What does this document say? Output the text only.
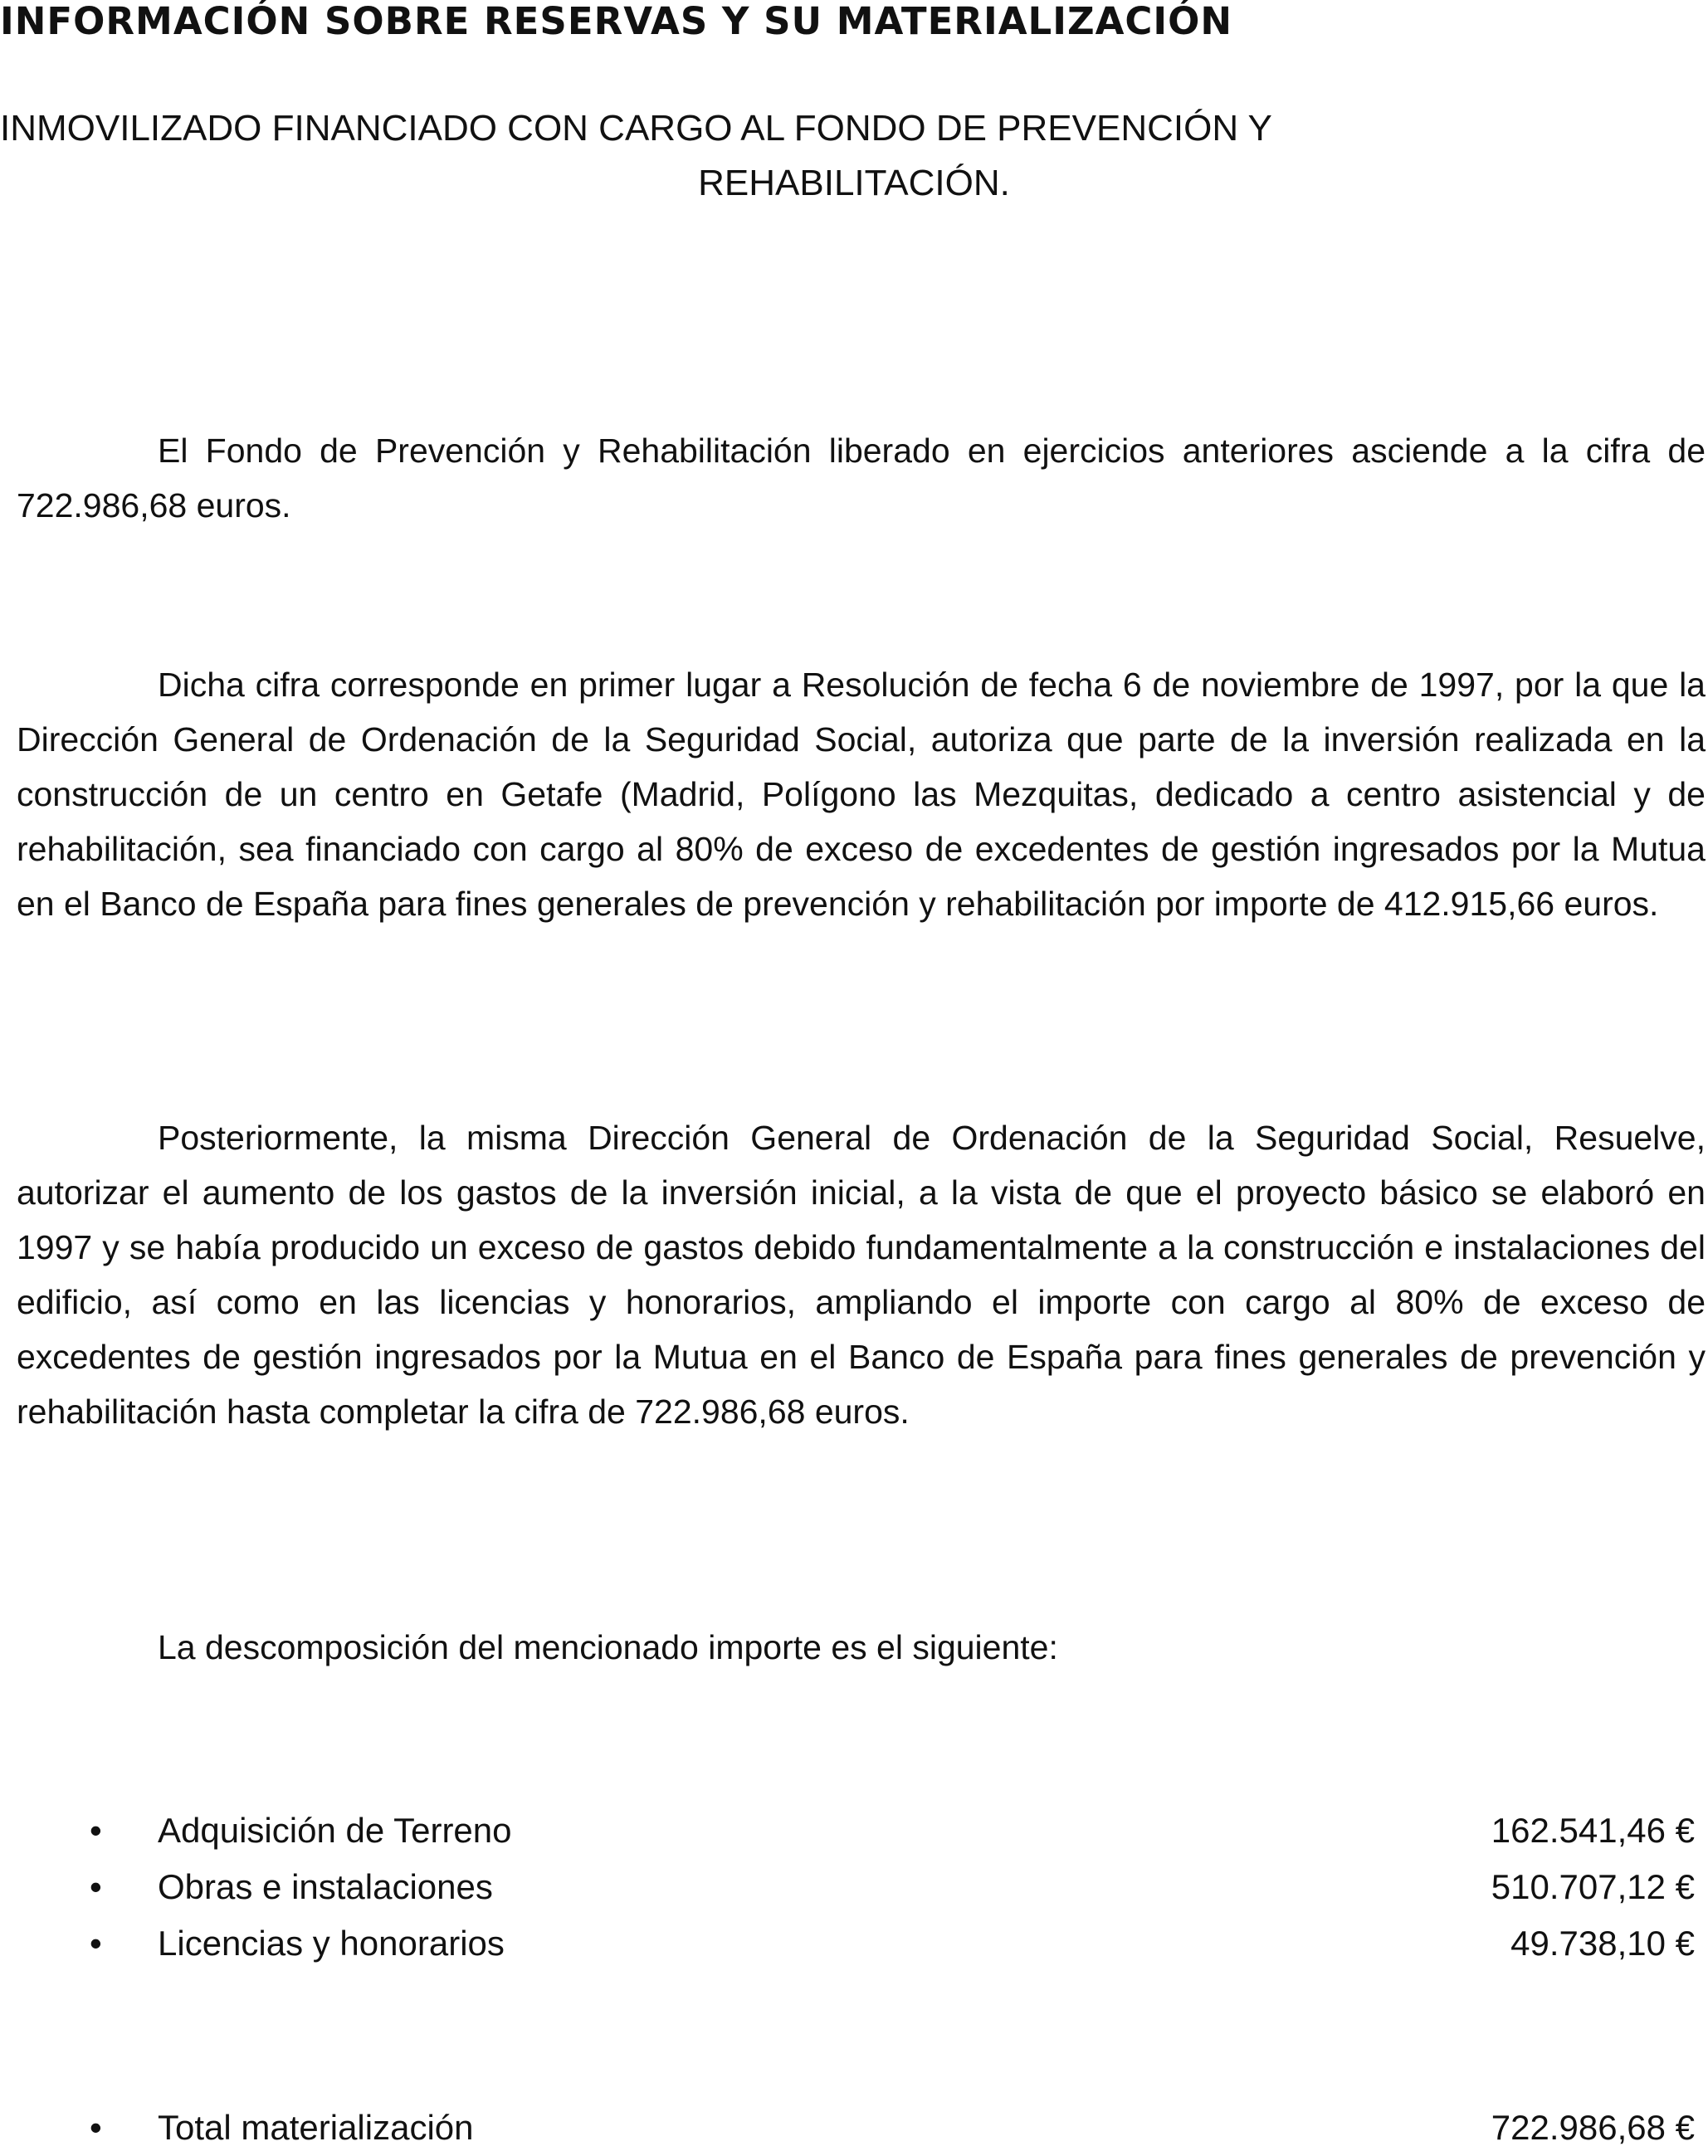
INFORMACIÓN SOBRE RESERVAS Y SU MATERIALIZACIÓN
INMOVILIZADO FINANCIADO CON CARGO AL FONDO DE PREVENCIÓN Y
REHABILITACIÓN.
El Fondo de Prevención y Rehabilitación liberado en ejercicios anteriores asciende a la cifra de 722.986,68 euros.
Dicha cifra corresponde en primer lugar a Resolución de fecha 6 de noviembre de 1997, por la que la Dirección General de Ordenación de la Seguridad Social, autoriza que parte de la inversión realizada en la construcción de un centro en Getafe (Madrid, Polígono las Mezquitas, dedicado a centro asistencial y de rehabilitación, sea financiado con cargo al 80% de exceso de excedentes de gestión ingresados por la Mutua en el Banco de España para fines generales de prevención y rehabilitación por importe de 412.915,66 euros.
Posteriormente, la misma Dirección General de Ordenación de la Seguridad Social, Resuelve, autorizar el aumento de los gastos de la inversión inicial, a la vista de que el proyecto básico se elaboró en 1997 y se había producido un exceso de gastos debido fundamentalmente a la construcción e instalaciones del edificio, así como en las licencias y honorarios, ampliando el importe con cargo al 80% de exceso de excedentes de gestión ingresados por la Mutua en el Banco de España para fines generales de prevención y rehabilitación hasta completar la cifra de 722.986,68 euros.
La descomposición del mencionado importe es el siguiente:
• Adquisición de Terreno	162.541,46 €
• Obras e instalaciones	510.707,12 €
• Licencias y honorarios	49.738,10 €
• Total materialización	722.986,68 €
